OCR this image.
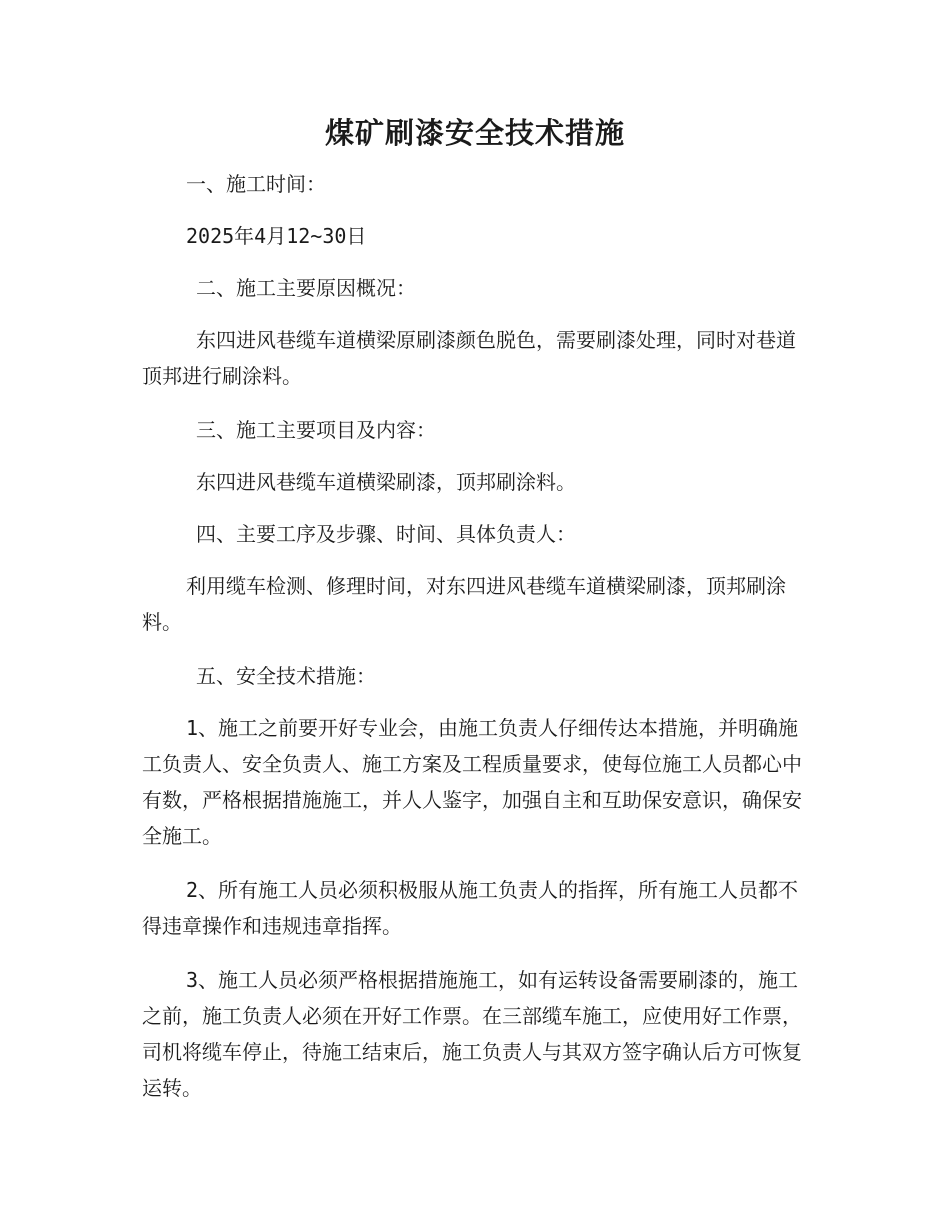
煤矿刷漆安全技术措施

一、施工时间：

2025年4月12~30日

二、施工主要原因概况：

东四进风巷缆车道横梁原刷漆颜色脱色，需要刷漆处理，同时对巷道顶邦进行刷涂料。

三、施工主要项目及内容：

东四进风巷缆车道横梁刷漆，顶邦刷涂料。

四、主要工序及步骤、时间、具体负责人：

利用缆车检测、修理时间，对东四进风巷缆车道横梁刷漆，顶邦刷涂料。

五、安全技术措施：

1、施工之前要开好专业会，由施工负责人仔细传达本措施，并明确施工负责人、安全负责人、施工方案及工程质量要求，使每位施工人员都心中有数，严格根据措施施工，并人人鉴字，加强自主和互助保安意识，确保安全施工。

2、所有施工人员必须积极服从施工负责人的指挥，所有施工人员都不得违章操作和违规违章指挥。

3、施工人员必须严格根据措施施工，如有运转设备需要刷漆的，施工之前，施工负责人必须在开好工作票。在三部缆车施工，应使用好工作票，司机将缆车停止，待施工结束后，施工负责人与其双方签字确认后方可恢复运转。
